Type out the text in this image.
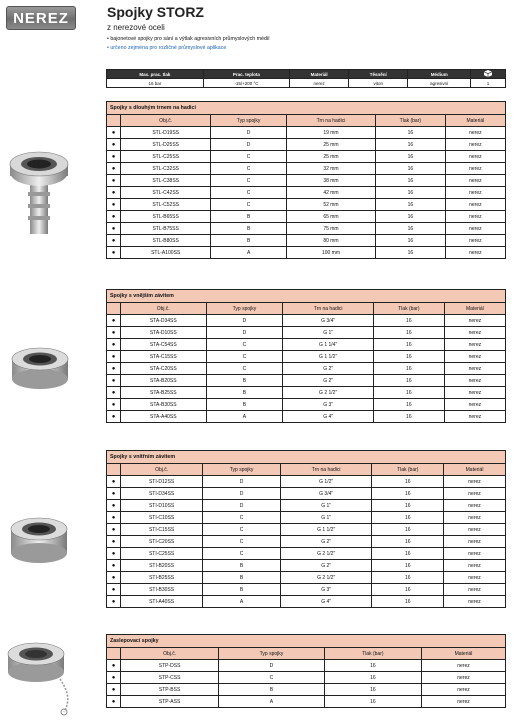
NEREZ	Spojky STORZ
z nerezové oceli
• bajonetové spojky pro sání a výtlak agresivních průmyslových médií
• určeno zejména pro rozličné průmyslové aplikace
Max. prac. tlak	Prac. teplota	Materiál	Těsnění	Médium	
16 bar	-15/+200 °C	nerez	viton	agresivní	1
Spojky s dlouhým trnem na hadici					
	Obj.č.	Typ spojky	Trn na hadici	Tlak (bar)	Materiál
●	STL-D19SS	D	19 mm	16	nerez
●	STL-D25SS	D	25 mm	16	nerez
●	STL-C25SS	C	25 mm	16	nerez
●	STL-C32SS	C	32 mm	16	nerez
●	STL-C38SS	C	38 mm	16	nerez
●	STL-C42SS	C	42 mm	16	nerez
●	STL-C52SS	C	52 mm	16	nerez
●	STL-B65SS	B	65 mm	16	nerez
●	STL-B75SS	B	75 mm	16	nerez
●	STL-B80SS	B	80 mm	16	nerez
●	STL-A100SS	A	100 mm	16	nerez
Spojky s vnějším závitem					
	Obj.č.	Typ spojky	Trn na hadici	Tlak (bar)	Materiál
●	STA-D34SS	D	G 3/4"	16	nerez
●	STA-D10SS	D	G 1"	16	nerez
●	STA-C54SS	C	G 1 1/4"	16	nerez
●	STA-C15SS	C	G 1 1/2"	16	nerez
●	STA-C20SS	C	G 2"	16	nerez
●	STA-B20SS	B	G 2"	16	nerez
●	STA-B25SS	B	G 2 1/2"	16	nerez
●	STA-B30SS	B	G 3"	16	nerez
●	STA-A40SS	A	G 4"	16	nerez
Spojky s vnitřním závitem					
	Obj.č.	Typ spojky	Trn na hadici	Tlak (bar)	Materiál
●	STI-D12SS	D	G 1/2"	16	nerez
●	STI-D34SS	D	G 3/4"	16	nerez
●	STI-D10SS	D	G 1"	16	nerez
●	STI-C10SS	C	G 1"	16	nerez
●	STI-C15SS	C	G 1 1/2"	16	nerez
●	STI-C20SS	C	G 2"	16	nerez
●	STI-C25SS	C	G 2 1/2"	16	nerez
●	STI-B20SS	B	G 2"	16	nerez
●	STI-B25SS	B	G 2 1/2"	16	nerez
●	STI-B30SS	B	G 3"	16	nerez
●	STI-A40SS	A	G 4"	16	nerez
Zaslepovací spojky				
	Obj.č.	Typ spojky	Tlak (bar)	Materiál
●	STP-DSS	D	16	nerez
●	STP-CSS	C	16	nerez
●	STP-BSS	B	16	nerez
●	STP-ASS	A	16	nerez
